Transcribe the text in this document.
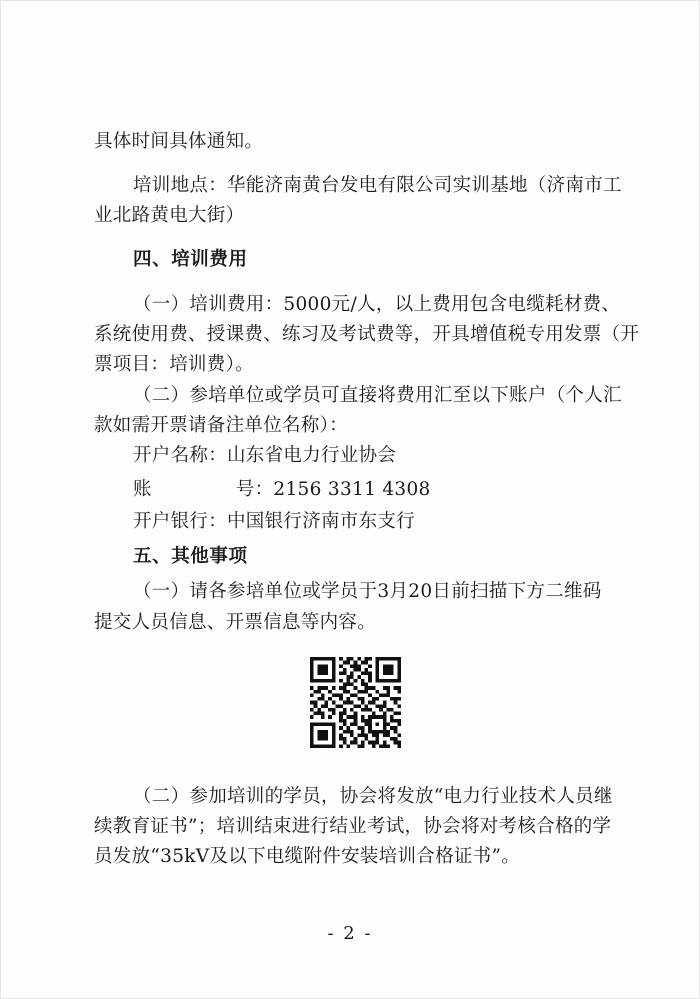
具体时间具体通知。
培训地点：华能济南黄台发电有限公司实训基地（济南市工
业北路黄电大街）
四、培训费用
（一）培训费用：5000元/人，以上费用包含电缆耗材费、
系统使用费、授课费、练习及考试费等，开具增值税专用发票（开
票项目：培训费）。
（二）参培单位或学员可直接将费用汇至以下账户（个人汇
款如需开票请备注单位名称）：
开户名称：山东省电力行业协会
账	号：2156 3311 4308
开户银行：中国银行济南市东支行
五、其他事项
（一）请各参培单位或学员于3月20日前扫描下方二维码
提交人员信息、开票信息等内容。
（二）参加培训的学员，协会将发放“电力行业技术人员继
续教育证书”；培训结束进行结业考试，协会将对考核合格的学
员发放“35kV及以下电缆附件安装培训合格证书”。
- 2 -
